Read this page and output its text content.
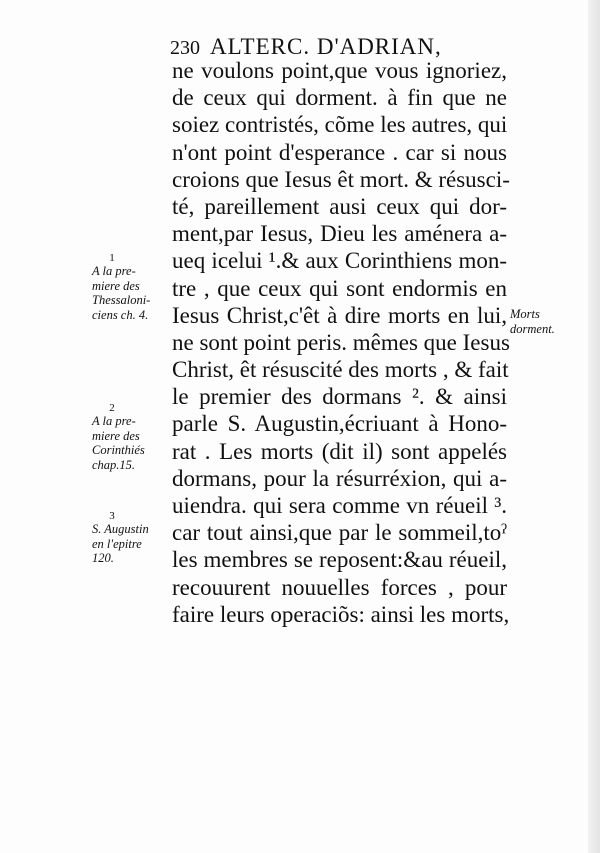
230 ALTERC. D'ADRIAN,
ne voulons point,que vous ignoriez,
de ceux qui dorment. à fin que ne
soiez contristés, cõme les autres, qui
n'ont point d'esperance . car si nous
croions que Iesus êt mort. & résusci-
té, pareillement ausi ceux qui dor-
ment,par Iesus, Dieu les aménera a-
ueq icelui ¹.& aux Corinthiens mon-
tre , que ceux qui sont endormis en
Iesus Christ,c'êt à dire morts en lui,
ne sont point peris. mêmes que Iesus
Christ, êt résuscité des morts , & fait
le premier des dormans ². & ainsi
parle S. Augustin,écriuant à Hono-
rat . Les morts (dit il) sont appelés
dormans, pour la résurréxion, qui a-
uiendra. qui sera comme vn réueil ³.
car tout ainsi,que par le sommeil,toˀ
les membres se reposent:&au réueil,
recouurent nouuelles forces , pour
faire leurs operaciõs: ainsi les morts,
1
A la pre-
miere des
Thessaloni-
ciens ch. 4.
2
A la pre-
miere des
Corinthiés
chap.15.
3
S. Augustin
en l'epitre
120.
Morts
dorment.
